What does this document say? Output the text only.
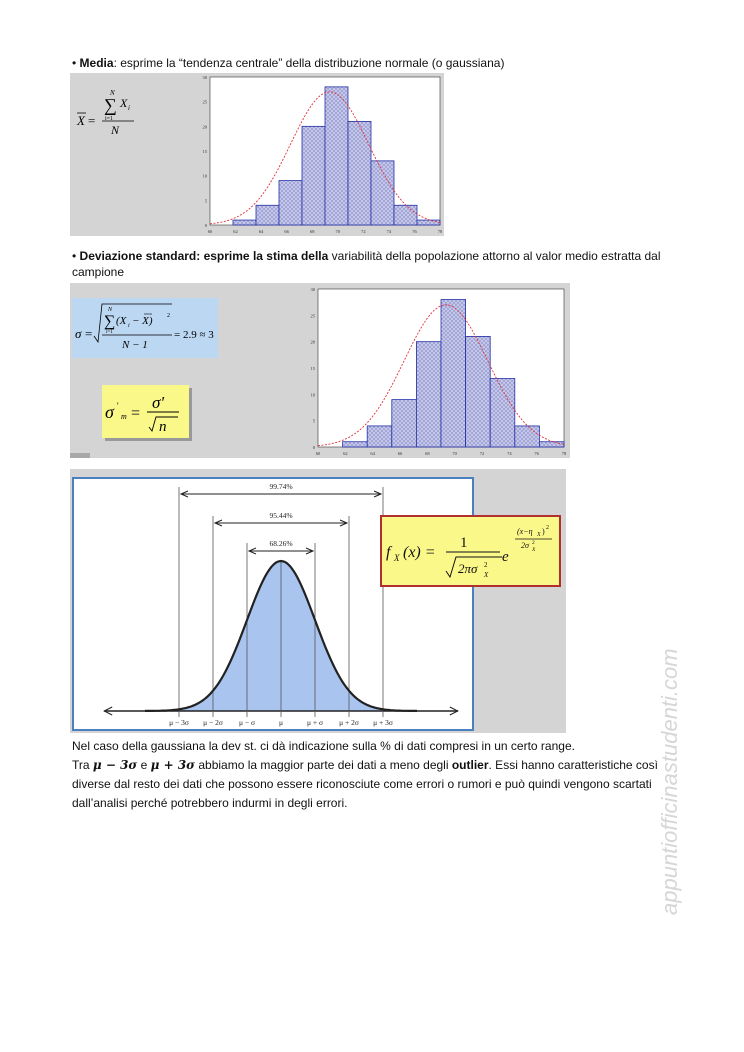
• Media: esprime la “tendenza centrale” della distribuzione normale (o gaussiana)
X =
N
∑ X i
i=1
N
0
5
10
15
20
25
30
60	62	64	66	68	70	72	74	76	78
• Deviazione standard: esprime la stima della variabilità della popolazione attorno al valor medio estratta dal
campione
σ =
N
∑ (X i − X) 2
i=1
N − 1
= 2.9 ≈ 3
σ '
m =
σ'
n
0
5
10
15
20
25
30
60	62	64	66	68	70	72	74	76	78
99.74%
95.44%
68.26%
μ − 3σ μ − 2σ μ − σ	μ	μ + σ μ + 2σ μ + 3σ
f X (x) =
1
2πσ 2
X
e
(x−η X ) 2
2σ 2
X
Nel caso della gaussiana la dev st. ci dà indicazione sulla % di dati compresi in un certo range.
Tra μ − 3σ e μ + 3σ abbiamo la maggior parte dei dati a meno degli outlier. Essi hanno caratteristiche così
diverse dal resto dei dati che possono essere riconosciute come errori o rumori e può quindi vengono scartati
dall’analisi perché potrebbero indurmi in degli errori.	appuntiofficinastudenti.com
